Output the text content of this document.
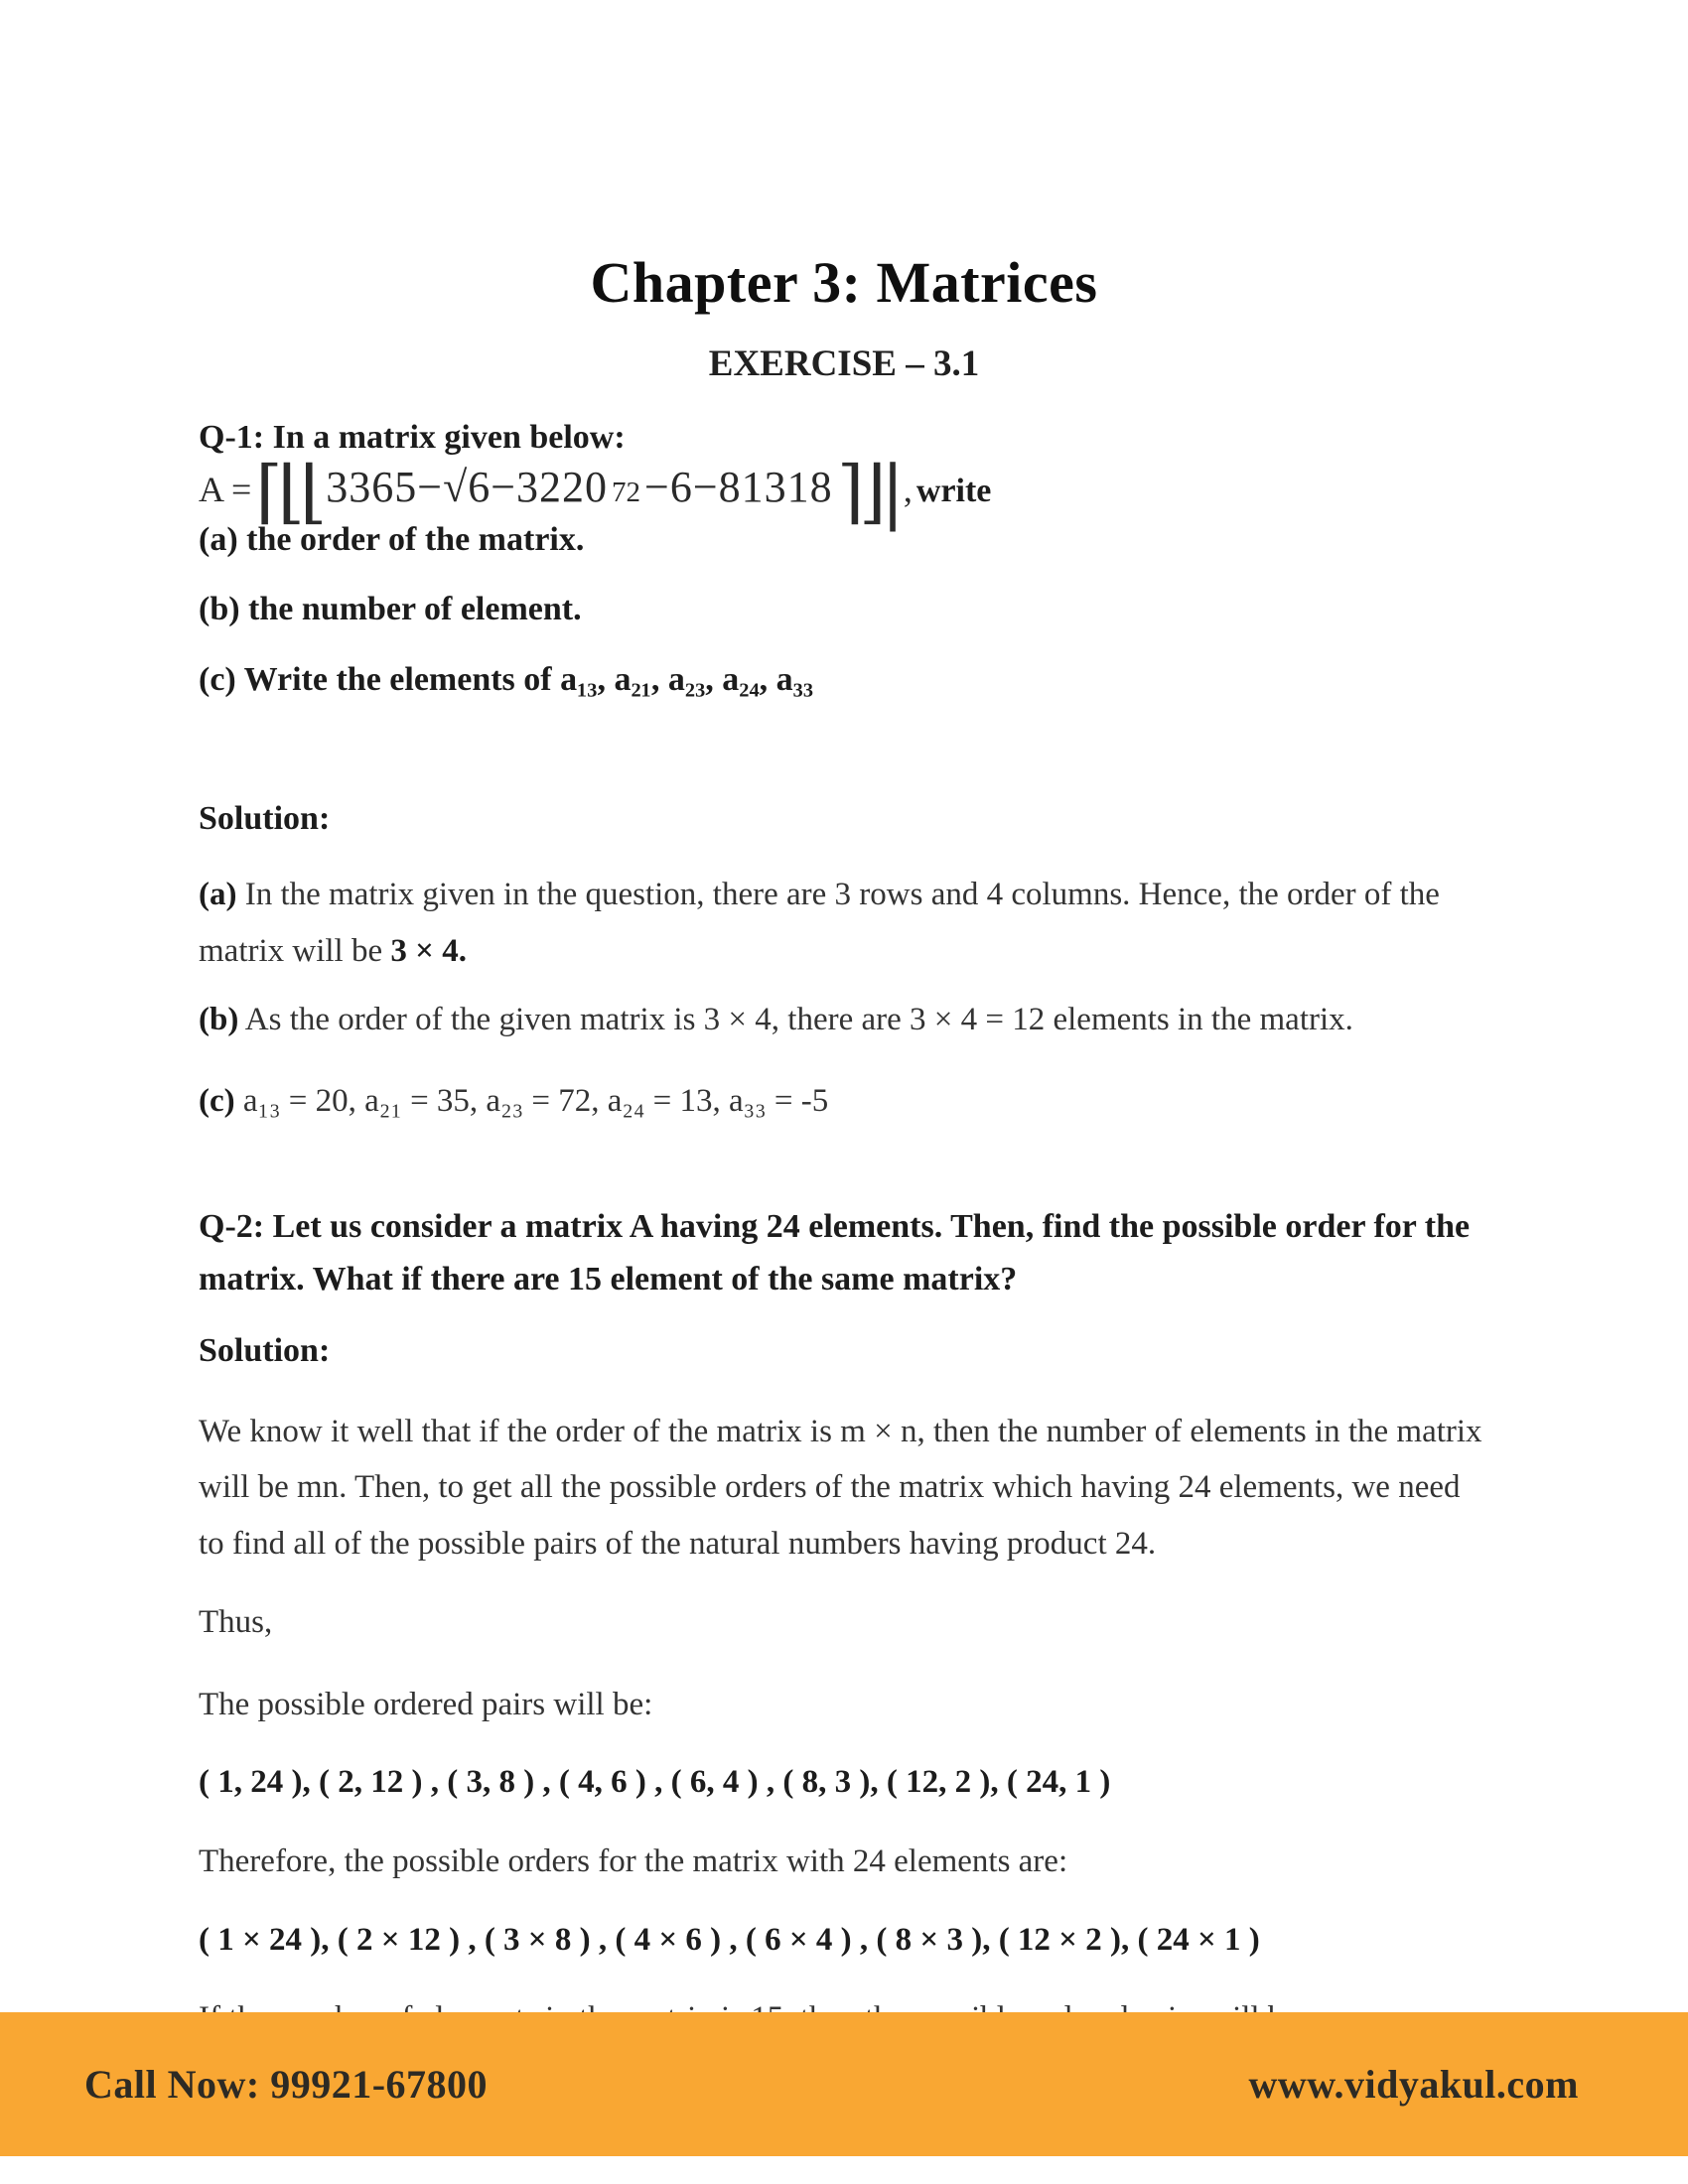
Chapter 3: Matrices
EXERCISE – 3.1
Q-1: In a matrix given below:
A = ⌈⌊⌊ 3365−√6−3220 72 −6−81318 ⌉⌋| , write
(a) the order of the matrix.
(b) the number of element.
(c) Write the elements of a₁₃, a₂₁, a₂₃, a₂₄, a₃₃
Solution:
(a) In the matrix given in the question, there are 3 rows and 4 columns. Hence, the order of the matrix will be 3 × 4.
(b) As the order of the given matrix is 3 × 4, there are 3 × 4 = 12 elements in the matrix.
(c) a₁₃ = 20, a₂₁ = 35, a₂₃ = 72, a₂₄ = 13, a₃₃ = -5
Q-2: Let us consider a matrix A having 24 elements. Then, find the possible order for the matrix. What if there are 15 element of the same matrix?
Solution:
We know it well that if the order of the matrix is m × n, then the number of elements in the matrix will be mn. Then, to get all the possible orders of the matrix which having 24 elements, we need to find all of the possible pairs of the natural numbers having product 24.
Thus,
The possible ordered pairs will be:
( 1, 24 ), ( 2, 12 ) , ( 3, 8 ) , ( 4, 6 ) , ( 6, 4 ) , ( 8, 3 ), ( 12, 2 ), ( 24, 1 )
Therefore, the possible orders for the matrix with 24 elements are:
( 1 × 24 ), ( 2 × 12 ) , ( 3 × 8 ) , ( 4 × 6 ) , ( 6 × 4 ) , ( 8 × 3 ), ( 12 × 2 ), ( 24 × 1 )
Call Now: 99921-67800	www.vidyakul.com
